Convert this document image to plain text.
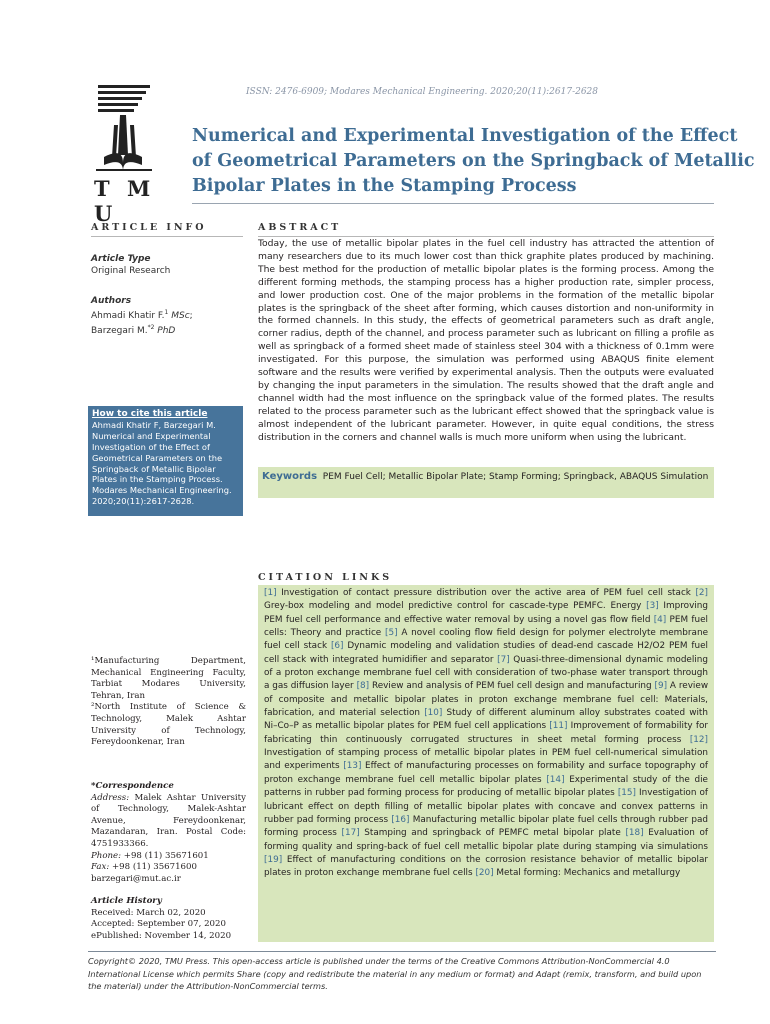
ISSN: 2476-6909; Modares Mechanical Engineering. 2020;20(11):2617-2628
T M U
Numerical and Experimental Investigation of the Effect
of Geometrical Parameters on the Springback of Metallic
Bipolar Plates in the Stamping Process
ARTICLE INFO	ABSTRACT
Article Type
Original Research
Authors
Ahmadi Khatir F.$^1$ MSc;
Barzegari M.$^{*2}$ PhD
How to cite this article
Ahmadi Khatir F, Barzegari M. Numerical and Experimental Investigation of the Effect of Geometrical Parameters on the Springback of Metallic Bipolar Plates in the Stamping Process. Modares Mechanical Engineering. 2020;20(11):2617-2628.
¹Manufacturing Department, Mechanical Engineering Faculty, Tarbiat Modares University, Tehran, Iran
²North Institute of Science & Technology, Malek Ashtar University of Technology, Fereydoonkenar, Iran
*Correspondence
Address: Malek Ashtar University of Technology, Malek-Ashtar Avenue, Fereydoonkenar, Mazandaran, Iran. Postal Code: 4751933366.
Phone: +98 (11) 35671601
Fax: +98 (11) 35671600
barzegari@mut.ac.ir
Article History
Received: March 02, 2020
Accepted: September 07, 2020
ePublished: November 14, 2020
Today, the use of metallic bipolar plates in the fuel cell industry has attracted the attention of many researchers due to its much lower cost than thick graphite plates produced by machining. The best method for the production of metallic bipolar plates is the forming process. Among the different forming methods, the stamping process has a higher production rate, simpler process, and lower production cost. One of the major problems in the formation of the metallic bipolar plates is the springback of the sheet after forming, which causes distortion and non-uniformity in the formed channels. In this study, the effects of geometrical parameters such as draft angle, corner radius, depth of the channel, and process parameter such as lubricant on filling a profile as well as springback of a formed sheet made of stainless steel 304 with a thickness of 0.1mm were investigated. For this purpose, the simulation was performed using ABAQUS finite element software and the results were verified by experimental analysis. Then the outputs were evaluated by changing the input parameters in the simulation. The results showed that the draft angle and channel width had the most influence on the springback value of the formed plates. The results related to the process parameter such as the lubricant effect showed that the springback value is almost independent of the lubricant parameter. However, in quite equal conditions, the stress distribution in the corners and channel walls is much more uniform when using the lubricant.
Keywords PEM Fuel Cell; Metallic Bipolar Plate; Stamp Forming; Springback, ABAQUS Simulation
CITATION LINKS
[1] Investigation of contact pressure distribution over the active area of PEM fuel cell stack [2] Grey-box modeling and model predictive control for cascade-type PEMFC. Energy [3] Improving PEM fuel cell performance and effective water removal by using a novel gas flow field [4] PEM fuel cells: Theory and practice [5] A novel cooling flow field design for polymer electrolyte membrane fuel cell stack [6] Dynamic modeling and validation studies of dead-end cascade H2/O2 PEM fuel cell stack with integrated humidifier and separator [7] Quasi-three-dimensional dynamic modeling of a proton exchange membrane fuel cell with consideration of two-phase water transport through a gas diffusion layer [8] Review and analysis of PEM fuel cell design and manufacturing [9] A review of composite and metallic bipolar plates in proton exchange membrane fuel cell: Materials, fabrication, and material selection [10] Study of different aluminum alloy substrates coated with Ni–Co–P as metallic bipolar plates for PEM fuel cell applications [11] Improvement of formability for fabricating thin continuously corrugated structures in sheet metal forming process [12] Investigation of stamping process of metallic bipolar plates in PEM fuel cell-numerical simulation and experiments [13] Effect of manufacturing processes on formability and surface topography of proton exchange membrane fuel cell metallic bipolar plates [14] Experimental study of the die patterns in rubber pad forming process for producing of metallic bipolar plates [15] Investigation of lubricant effect on depth filling of metallic bipolar plates with concave and convex patterns in rubber pad forming process [16] Manufacturing metallic bipolar plate fuel cells through rubber pad forming process [17] Stamping and springback of PEMFC metal bipolar plate [18] Evaluation of forming quality and spring-back of fuel cell metallic bipolar plate during stamping via simulations [19] Effect of manufacturing conditions on the corrosion resistance behavior of metallic bipolar plates in proton exchange membrane fuel cells [20] Metal forming: Mechanics and metallurgy
Copyright© 2020, TMU Press. This open-access article is published under the terms of the Creative Commons Attribution-NonCommercial 4.0 International License which permits Share (copy and redistribute the material in any medium or format) and Adapt (remix, transform, and build upon the material) under the Attribution-NonCommercial terms.
